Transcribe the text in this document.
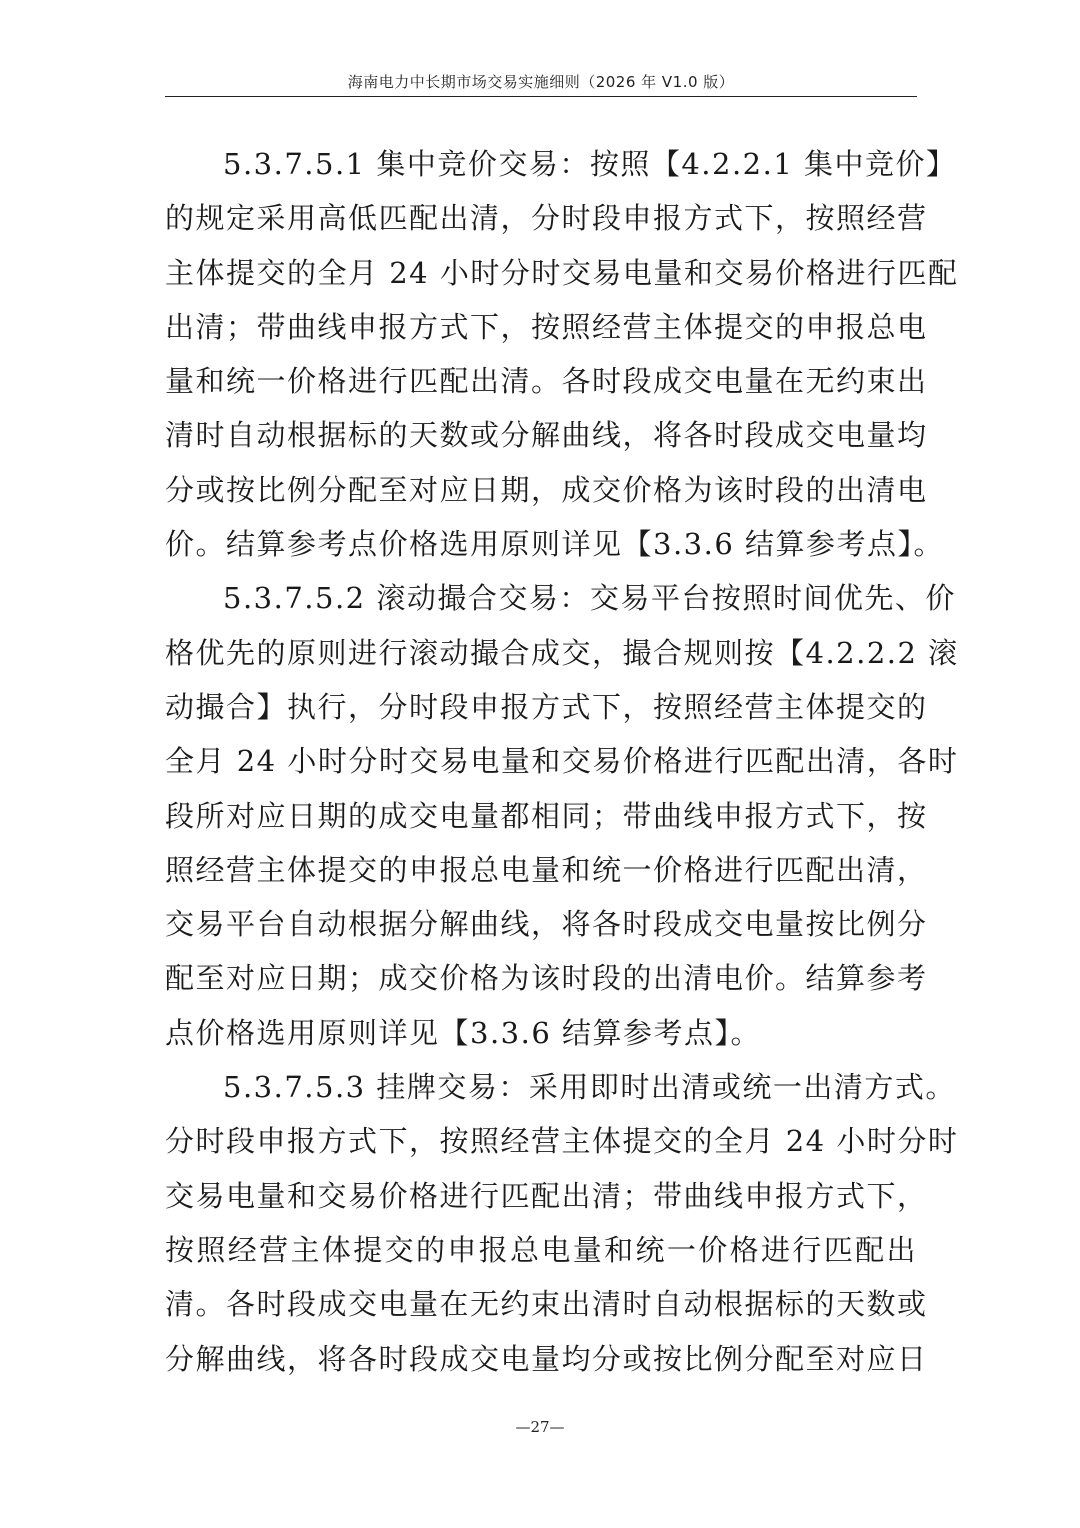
海南电力中长期市场交易实施细则（2026 年 V1.0 版）
5.3.7.5.1 集中竞价交易：按照【4.2.2.1 集中竞价】
的规定采用高低匹配出清，分时段申报方式下，按照经营
主体提交的全月 24 小时分时交易电量和交易价格进行匹配
出清；带曲线申报方式下，按照经营主体提交的申报总电
量和统一价格进行匹配出清。各时段成交电量在无约束出
清时自动根据标的天数或分解曲线，将各时段成交电量均
分或按比例分配至对应日期，成交价格为该时段的出清电
价。结算参考点价格选用原则详见【3.3.6 结算参考点】。
5.3.7.5.2 滚动撮合交易：交易平台按照时间优先、价
格优先的原则进行滚动撮合成交，撮合规则按【4.2.2.2 滚
动撮合】执行，分时段申报方式下，按照经营主体提交的
全月 24 小时分时交易电量和交易价格进行匹配出清，各时
段所对应日期的成交电量都相同；带曲线申报方式下，按
照经营主体提交的申报总电量和统一价格进行匹配出清，
交易平台自动根据分解曲线，将各时段成交电量按比例分
配至对应日期；成交价格为该时段的出清电价。结算参考
点价格选用原则详见【3.3.6 结算参考点】。
5.3.7.5.3 挂牌交易：采用即时出清或统一出清方式。
分时段申报方式下，按照经营主体提交的全月 24 小时分时
交易电量和交易价格进行匹配出清；带曲线申报方式下，
按照经营主体提交的申报总电量和统一价格进行匹配出
清。各时段成交电量在无约束出清时自动根据标的天数或
分解曲线，将各时段成交电量均分或按比例分配至对应日
—27—
